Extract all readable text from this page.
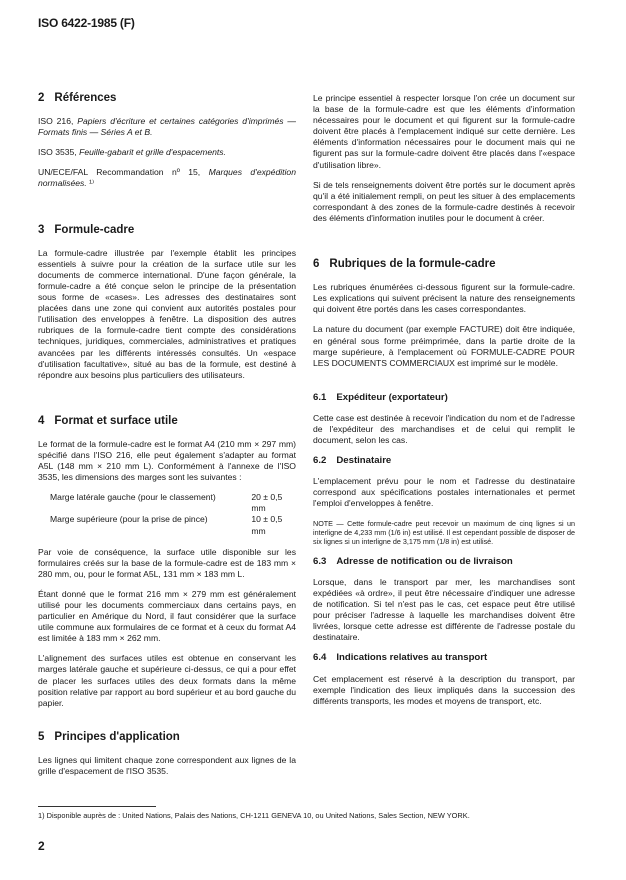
ISO 6422-1985 (F)
2 Références

ISO 216, Papiers d'écriture et certaines catégories d'imprimés — Formats finis — Séries A et B.

ISO 3535, Feuille-gabarit et grille d'espacements.

UN/ECE/FAL Recommandation nº 15, Marques d'expédition normalisées. ¹⁾

3 Formule-cadre

La formule-cadre illustrée par l'exemple établit les principes essentiels à suivre pour la création de la surface utile sur les documents de commerce international. D'une façon générale, la formule-cadre a été conçue selon le principe de la présentation sous forme de «cases». Les adresses des destinataires sont placées dans une zone qui convient aux autorités postales pour l'utilisation des enveloppes à fenêtre. La disposition des autres rubriques de la formule-cadre tient compte des considérations techniques, juridiques, commerciales, administratives et pratiques avancées par les différents intéressés consultés. Un «espace d'utilisation facultative», situé au bas de la formule, est destiné à répondre aux besoins plus particuliers des utilisateurs.

4 Format et surface utile

Le format de la formule-cadre est le format A4 (210 mm × 297 mm) spécifié dans l'ISO 216, elle peut également s'adapter au format A5L (148 mm × 210 mm L). Conformément à l'annexe de l'ISO 3535, les dimensions des marges sont les suivantes :

Marge latérale gauche (pour le classement)	20 ± 0,5 mm
Marge supérieure (pour la prise de pince)	10 ± 0,5 mm

Par voie de conséquence, la surface utile disponible sur les formulaires créés sur la base de la formule-cadre est de 183 mm × 280 mm, ou, pour le format A5L, 131 mm × 183 mm L.

Étant donné que le format 216 mm × 279 mm est généralement utilisé pour les documents commerciaux dans certains pays, en particulier en Amérique du Nord, il faut considérer que la surface utile commune aux formulaires de ce format et à ceux du format A4 est limitée à 183 mm × 262 mm.

L'alignement des surfaces utiles est obtenue en conservant les marges latérale gauche et supérieure ci-dessus, ce qui a pour effet de placer les surfaces utiles des deux formats dans la même position relative par rapport au bord supérieur et au bord gauche du papier.

5 Principes d'application

Les lignes qui limitent chaque zone correspondent aux lignes de la grille d'espacement de l'ISO 3535.

Le principe essentiel à respecter lorsque l'on crée un document sur la base de la formule-cadre est que les éléments d'information nécessaires pour le document et qui figurent sur la formule-cadre doivent être placés à l'emplacement indiqué sur cette dernière. Les éléments d'information nécessaires pour le document mais qui ne figurent pas sur la formule-cadre doivent être placés dans l'«espace d'utilisation libre».

Si de tels renseignements doivent être portés sur le document après qu'il a été initialement rempli, on peut les situer à des emplacements correspondant à des zones de la formule-cadre destinés à recevoir des éléments d'information inutiles pour le document à créer.

6 Rubriques de la formule-cadre

Les rubriques énumérées ci-dessous figurent sur la formule-cadre. Les explications qui suivent précisent la nature des renseignements qui doivent être portés dans les cases correspondantes.

La nature du document (par exemple FACTURE) doit être indiquée, en général sous forme préimprimée, dans la partie droite de la marge supérieure, à l'emplacement où FORMULE-CADRE POUR LES DOCUMENTS COMMERCIAUX est imprimé sur le modèle.

6.1 Expéditeur (exportateur)

Cette case est destinée à recevoir l'indication du nom et de l'adresse de l'expéditeur des marchandises et de celui qui remplit le document, selon les cas.

6.2 Destinataire

L'emplacement prévu pour le nom et l'adresse du destinataire correspond aux spécifications postales internationales et permet l'emploi d'enveloppes à fenêtre.

NOTE — Cette formule-cadre peut recevoir un maximum de cinq lignes si un interligne de 4,233 mm (1/6 in) est utilisé. Il est cependant possible de disposer de six lignes si un interligne de 3,175 mm (1/8 in) est utilisé.

6.3 Adresse de notification ou de livraison

Lorsque, dans le transport par mer, les marchandises sont expédiées «à ordre», il peut être nécessaire d'indiquer une adresse de notification. Si tel n'est pas le cas, cet espace peut être utilisé pour préciser l'adresse à laquelle les marchandises doivent être livrées, lorsque cette adresse est différente de l'adresse postale du destinataire.

6.4 Indications relatives au transport

Cet emplacement est réservé à la description du transport, par exemple l'indication des lieux impliqués dans la succession des différents transports, les modes et moyens de transport, etc.

1) Disponible auprès de : United Nations, Palais des Nations, CH-1211 GENEVA 10, ou United Nations, Sales Section, NEW YORK.
2
